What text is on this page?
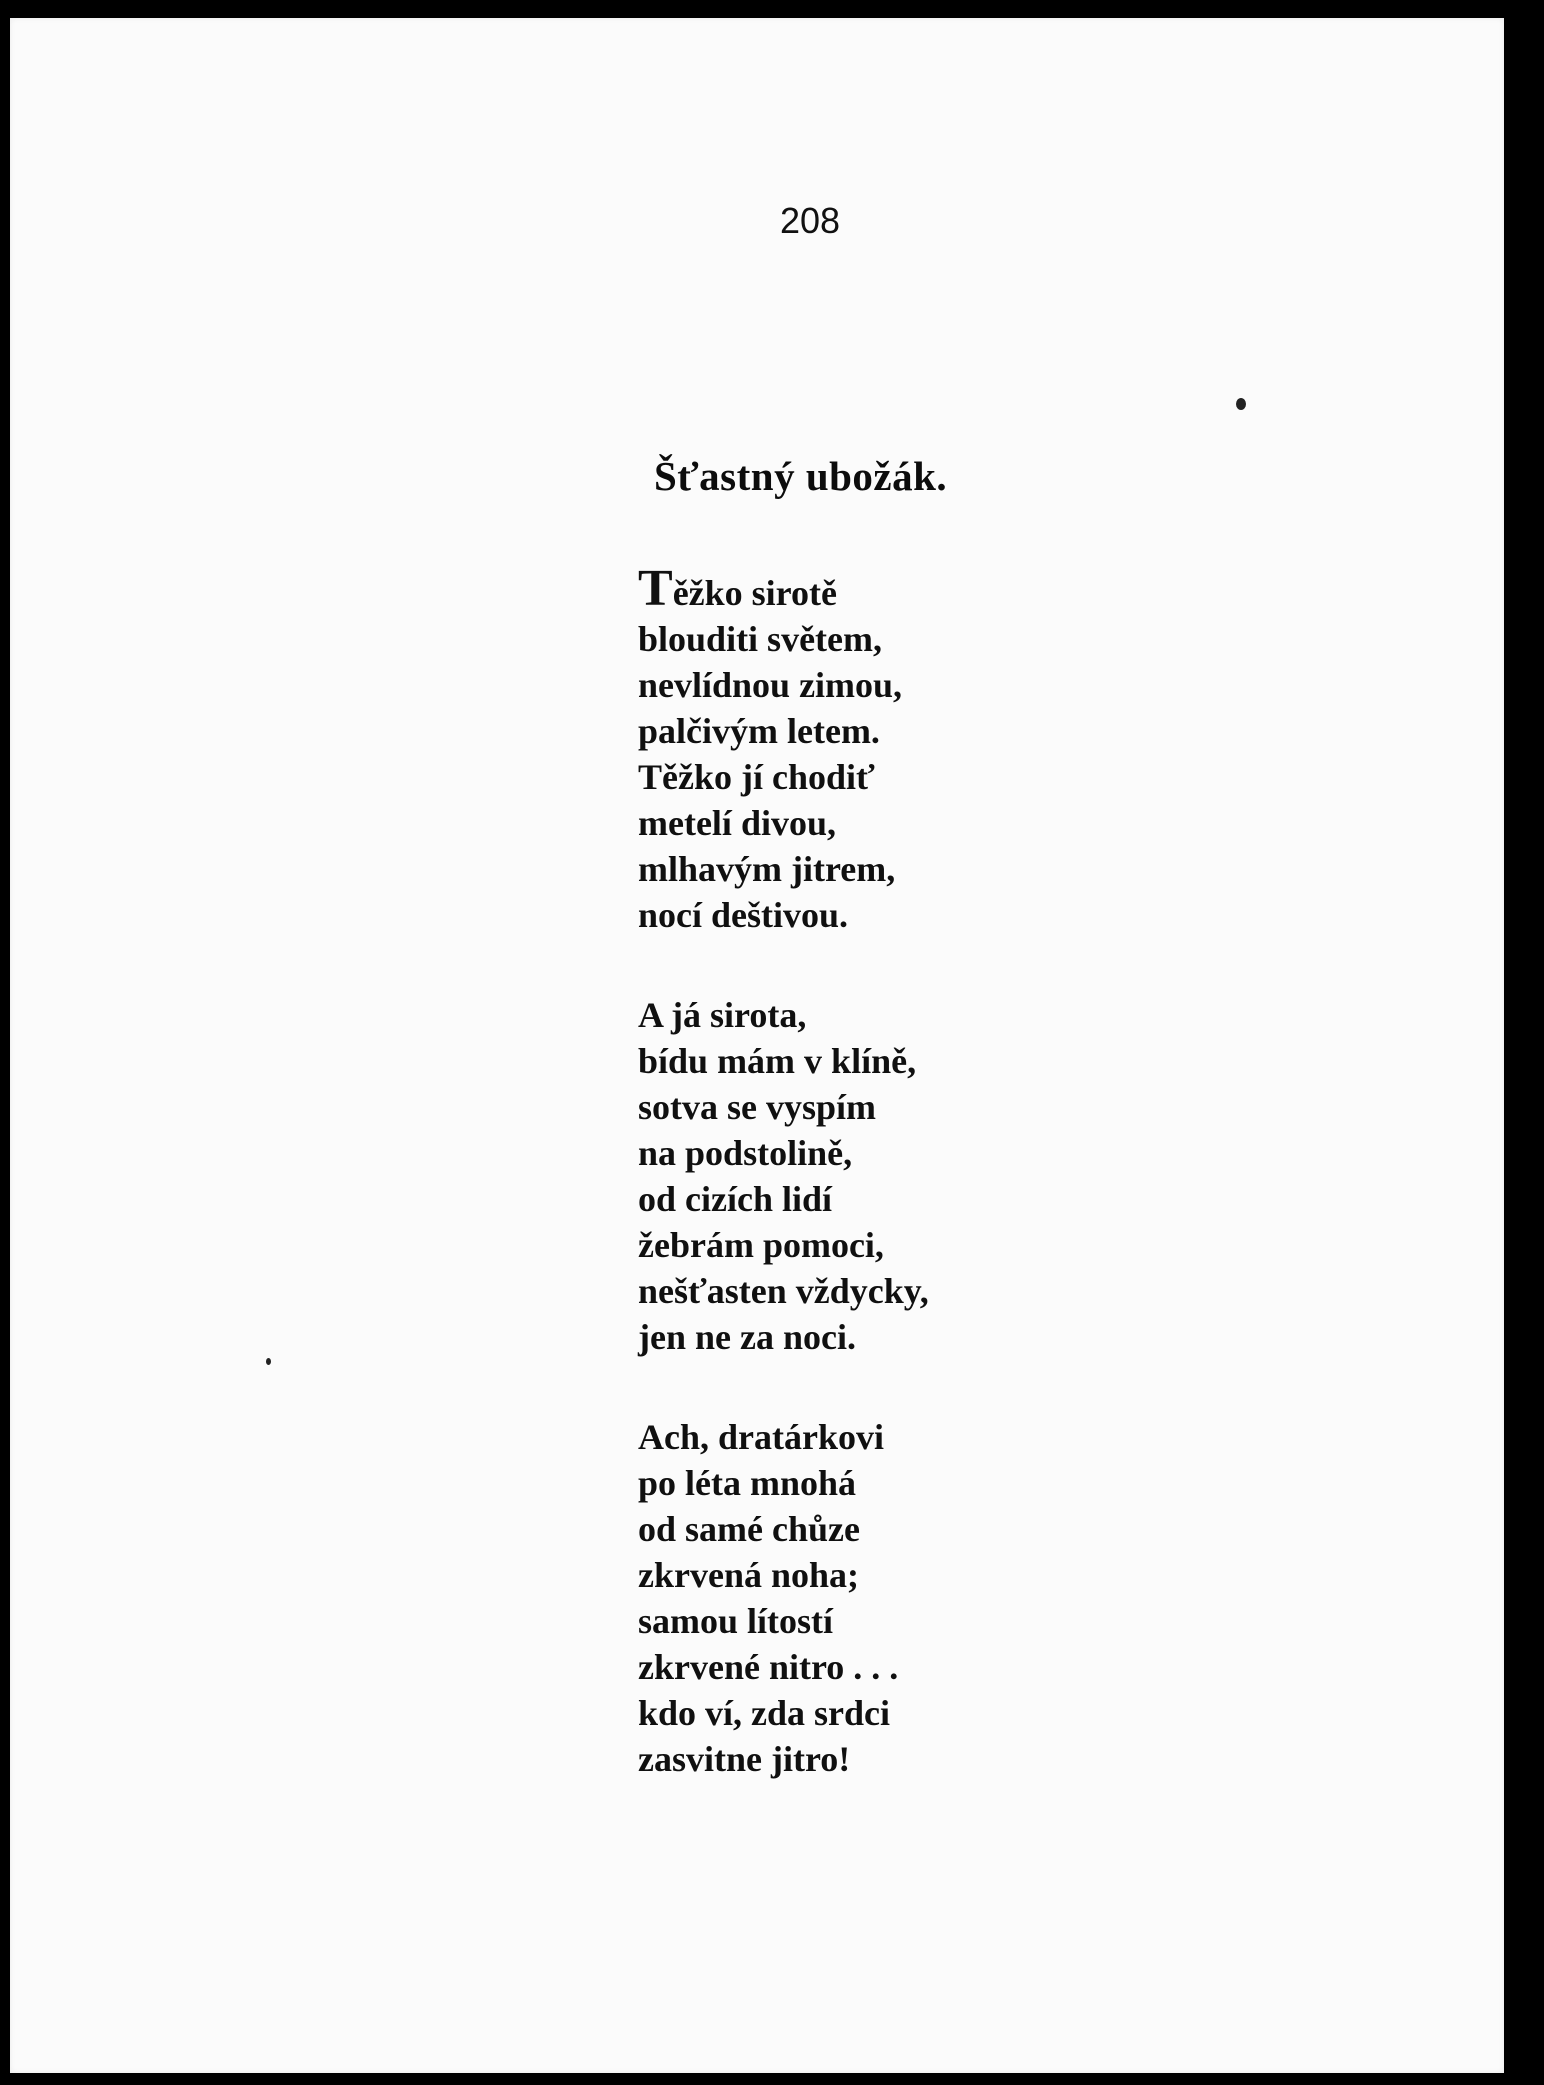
208
Šťastný ubožák.
Těžko sirotě
blouditi světem,
nevlídnou zimou,
palčivým letem.
Těžko jí chodiť
metelí divou,
mlhavým jitrem,
nocí deštivou.
A já sirota,
bídu mám v klíně,
sotva se vyspím
na podstolině,
od cizích lidí
žebrám pomoci,
nešťasten vždycky,
jen ne za noci.
Ach, dratárkovi
po léta mnohá
od samé chůze
zkrvená noha;
samou lítostí
zkrvené nitro . . .
kdo ví, zda srdci
zasvitne jitro!
